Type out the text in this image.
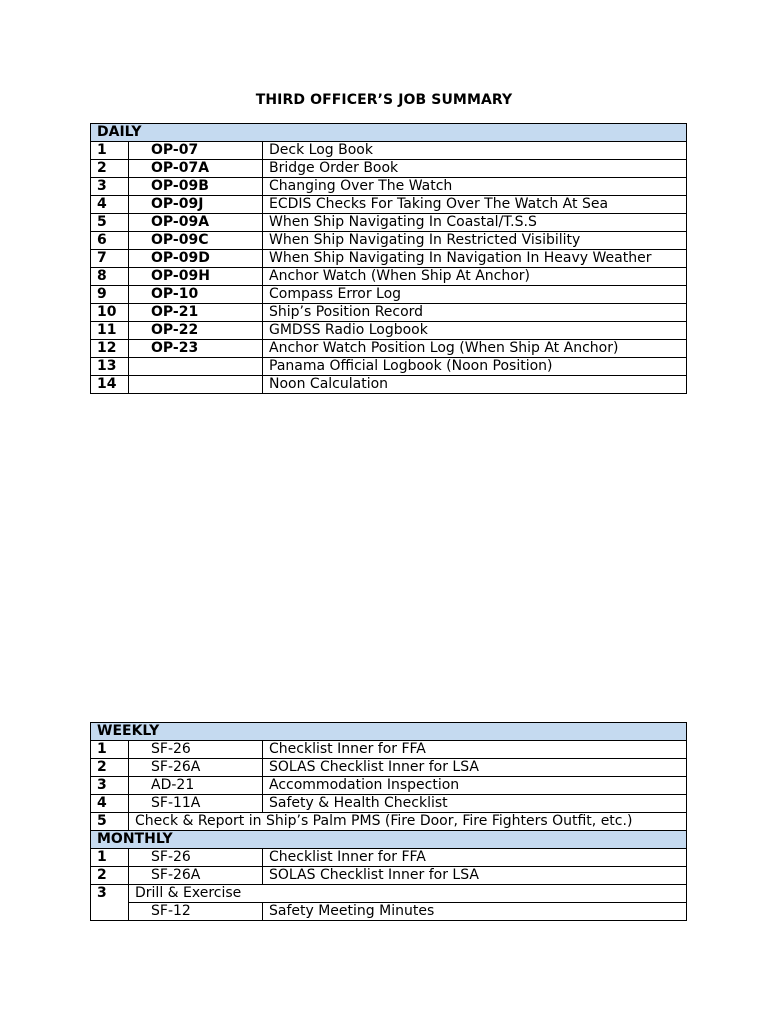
THIRD OFFICER’S JOB SUMMARY
DAILY		
1	OP-07	Deck Log Book
2	OP-07A	Bridge Order Book
3	OP-09B	Changing Over The Watch
4	OP-09J	ECDIS Checks For Taking Over The Watch At Sea
5	OP-09A	When Ship Navigating In Coastal/T.S.S
6	OP-09C	When Ship Navigating In Restricted Visibility
7	OP-09D	When Ship Navigating In Navigation In Heavy Weather
8	OP-09H	Anchor Watch (When Ship At Anchor)
9	OP-10	Compass Error Log
10	OP-21	Ship’s Position Record
11	OP-22	GMDSS Radio Logbook
12	OP-23	Anchor Watch Position Log (When Ship At Anchor)
13		Panama Official Logbook (Noon Position)
14		Noon Calculation
WEEKLY		
1	SF-26	Checklist Inner for FFA
2	SF-26A	SOLAS Checklist Inner for LSA
3	AD-21	Accommodation Inspection
4	SF-11A	Safety & Health Checklist
5	Check & Report in Ship’s Palm PMS (Fire Door, Fire Fighters Outfit, etc.)	
MONTHLY		
1	SF-26	Checklist Inner for FFA
2	SF-26A	SOLAS Checklist Inner for LSA
3	Drill & Exercise	
	SF-12	Safety Meeting Minutes
